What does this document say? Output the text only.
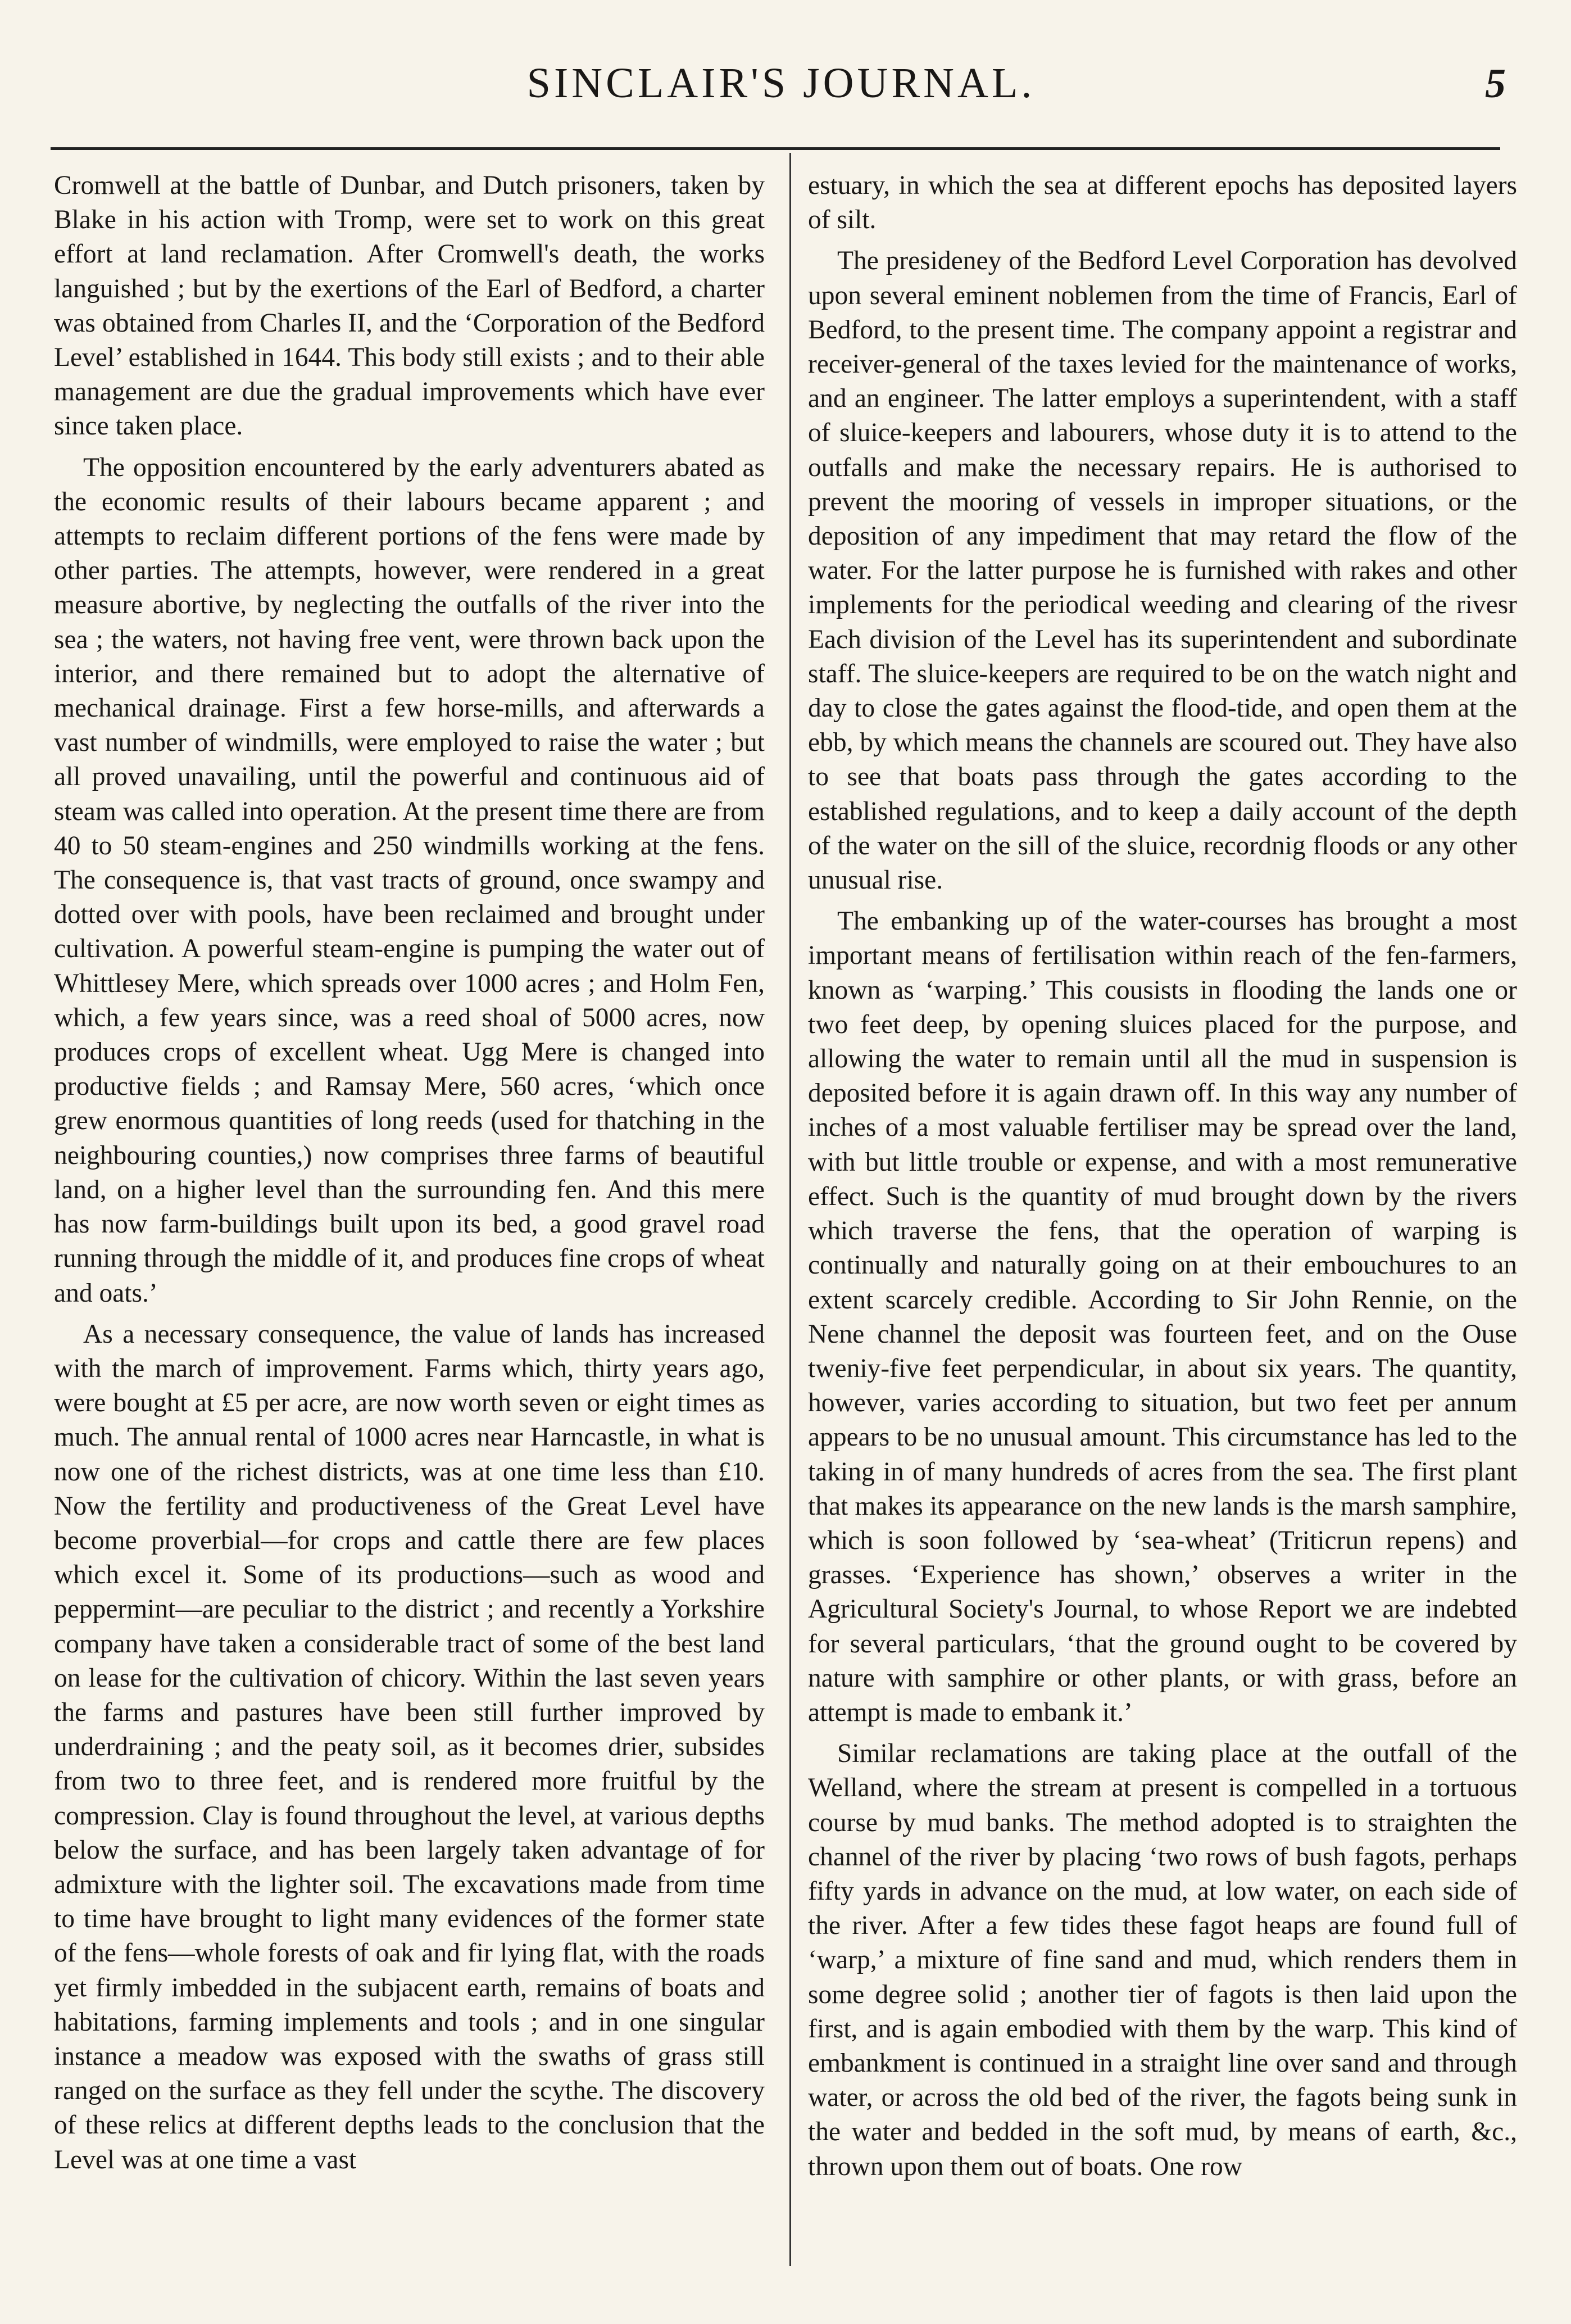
SINCLAIR'S JOURNAL.	5

Cromwell at the battle of Dunbar, and Dutch prisoners, taken by Blake in his action with Tromp, were set to work on this great effort at land reclamation. After Cromwell's death, the works languished ; but by the exertions of the Earl of Bedford, a charter was obtained from Charles II, and the ‘Corporation of the Bedford Level’ established in 1644. This body still exists ; and to their able management are due the gradual improvements which have ever since taken place.

The opposition encountered by the early adventurers abated as the economic results of their labours became apparent ; and attempts to reclaim different portions of the fens were made by other parties. The attempts, however, were rendered in a great measure abortive, by neglecting the outfalls of the river into the sea ; the waters, not having free vent, were thrown back upon the interior, and there remained but to adopt the alternative of mechanical drainage. First a few horse-mills, and afterwards a vast number of windmills, were employed to raise the water ; but all proved unavailing, until the powerful and continuous aid of steam was called into operation. At the present time there are from 40 to 50 steam-engines and 250 windmills working at the fens. The consequence is, that vast tracts of ground, once swampy and dotted over with pools, have been reclaimed and brought under cultivation. A powerful steam-engine is pumping the water out of Whittlesey Mere, which spreads over 1000 acres ; and Holm Fen, which, a few years since, was a reed shoal of 5000 acres, now produces crops of excellent wheat. Ugg Mere is changed into productive fields ; and Ramsay Mere, 560 acres, ‘which once grew enormous quantities of long reeds (used for thatching in the neighbouring counties,) now comprises three farms of beautiful land, on a higher level than the surrounding fen. And this mere has now farm-buildings built upon its bed, a good gravel road running through the middle of it, and produces fine crops of wheat and oats.’

As a necessary consequence, the value of lands has increased with the march of improvement. Farms which, thirty years ago, were bought at £5 per acre, are now worth seven or eight times as much. The annual rental of 1000 acres near Harncastle, in what is now one of the richest districts, was at one time less than £10. Now the fertility and productiveness of the Great Level have become proverbial—for crops and cattle there are few places which excel it. Some of its productions—such as wood and peppermint—are peculiar to the district ; and recently a Yorkshire company have taken a considerable tract of some of the best land on lease for the cultivation of chicory. Within the last seven years the farms and pastures have been still further improved by underdraining ; and the peaty soil, as it becomes drier, subsides from two to three feet, and is rendered more fruitful by the compression. Clay is found throughout the level, at various depths below the surface, and has been largely taken advantage of for admixture with the lighter soil. The excavations made from time to time have brought to light many evidences of the former state of the fens—whole forests of oak and fir lying flat, with the roads yet firmly imbedded in the subjacent earth, remains of boats and habitations, farming implements and tools ; and in one singular instance a meadow was exposed with the swaths of grass still ranged on the surface as they fell under the scythe. The discovery of these relics at different depths leads to the conclusion that the Level was at one time a vast

estuary, in which the sea at different epochs has deposited layers of silt.

The presideney of the Bedford Level Corporation has devolved upon several eminent noblemen from the time of Francis, Earl of Bedford, to the present time. The company appoint a registrar and receiver-general of the taxes levied for the maintenance of works, and an engineer. The latter employs a superintendent, with a staff of sluice-keepers and labourers, whose duty it is to attend to the outfalls and make the necessary repairs. He is authorised to prevent the mooring of vessels in improper situations, or the deposition of any impediment that may retard the flow of the water. For the latter purpose he is furnished with rakes and other implements for the periodical weeding and clearing of the rivesr Each division of the Level has its superintendent and subordinate staff. The sluice-keepers are required to be on the watch night and day to close the gates against the flood-tide, and open them at the ebb, by which means the channels are scoured out. They have also to see that boats pass through the gates according to the established regulations, and to keep a daily account of the depth of the water on the sill of the sluice, recordnig floods or any other unusual rise.

The embanking up of the water-courses has brought a most important means of fertilisation within reach of the fen-farmers, known as ‘warping.’ This cousists in flooding the lands one or two feet deep, by opening sluices placed for the purpose, and allowing the water to remain until all the mud in suspension is deposited before it is again drawn off. In this way any number of inches of a most valuable fertiliser may be spread over the land, with but little trouble or expense, and with a most remunerative effect. Such is the quantity of mud brought down by the rivers which traverse the fens, that the operation of warping is continually and naturally going on at their embouchures to an extent scarcely credible. According to Sir John Rennie, on the Nene channel the deposit was fourteen feet, and on the Ouse tweniy-five feet perpendicular, in about six years. The quantity, however, varies according to situation, but two feet per annum appears to be no unusual amount. This circumstance has led to the taking in of many hundreds of acres from the sea. The first plant that makes its appearance on the new lands is the marsh samphire, which is soon followed by ‘sea-wheat’ (Triticrun repens) and grasses. ‘Experience has shown,’ observes a writer in the Agricultural Society's Journal, to whose Report we are indebted for several particulars, ‘that the ground ought to be covered by nature with samphire or other plants, or with grass, before an attempt is made to embank it.’

Similar reclamations are taking place at the outfall of the Welland, where the stream at present is compelled in a tortuous course by mud banks. The method adopted is to straighten the channel of the river by placing ‘two rows of bush fagots, perhaps fifty yards in advance on the mud, at low water, on each side of the river. After a few tides these fagot heaps are found full of ‘warp,’ a mixture of fine sand and mud, which renders them in some degree solid ; another tier of fagots is then laid upon the first, and is again embodied with them by the warp. This kind of embankment is continued in a straight line over sand and through water, or across the old bed of the river, the fagots being sunk in the water and bedded in the soft mud, by means of earth, &c., thrown upon them out of boats. One row
